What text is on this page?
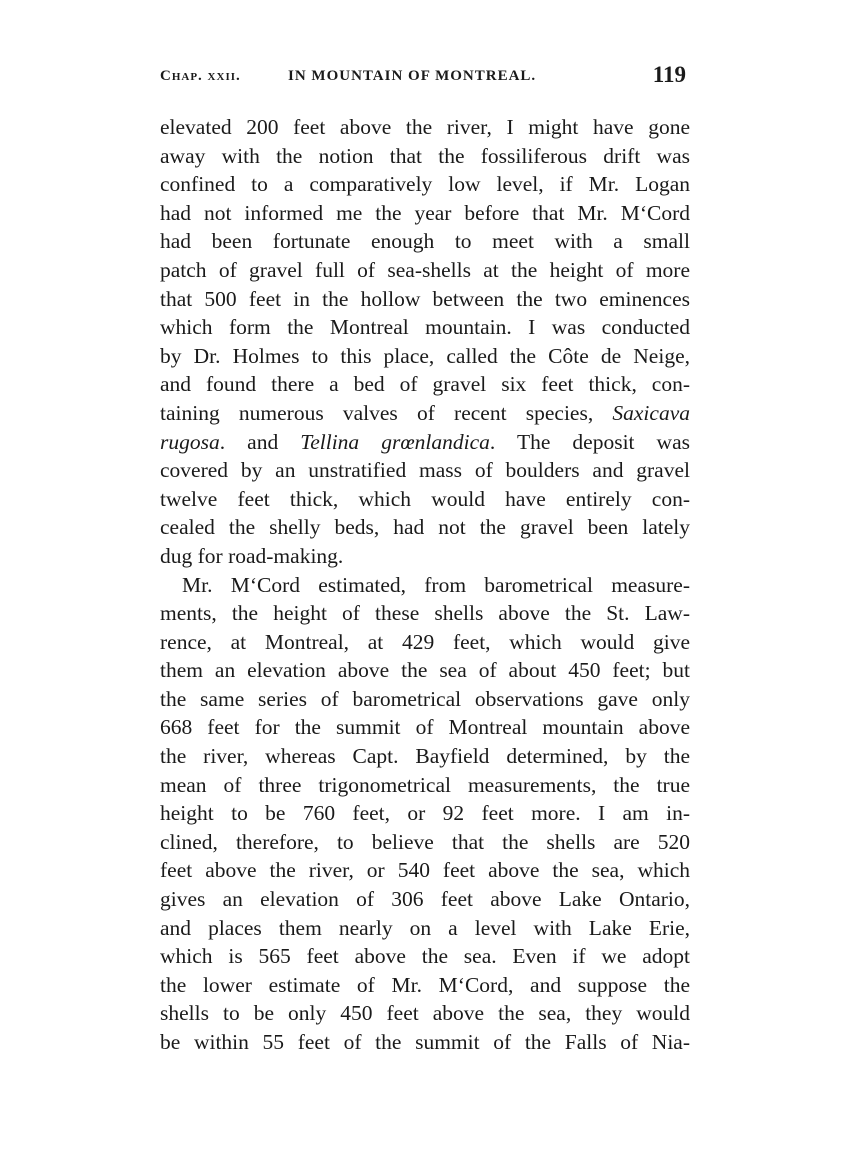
Chap. xxii.	IN MOUNTAIN OF MONTREAL.	119
elevated 200 feet above the river, I might have gone
away with the notion that the fossiliferous drift was
confined to a comparatively low level, if Mr. Logan
had not informed me the year before that Mr. M‘Cord
had been fortunate enough to meet with a small
patch of gravel full of sea-shells at the height of more
that 500 feet in the hollow between the two eminences
which form the Montreal mountain. I was conducted
by Dr. Holmes to this place, called the Côte de Neige,
and found there a bed of gravel six feet thick, con-
taining numerous valves of recent species, Saxicava
rugosa. and Tellina grœnlandica. The deposit was
covered by an unstratified mass of boulders and gravel
twelve feet thick, which would have entirely con-
cealed the shelly beds, had not the gravel been lately
dug for road-making.
Mr. M‘Cord estimated, from barometrical measure-
ments, the height of these shells above the St. Law-
rence, at Montreal, at 429 feet, which would give
them an elevation above the sea of about 450 feet; but
the same series of barometrical observations gave only
668 feet for the summit of Montreal mountain above
the river, whereas Capt. Bayfield determined, by the
mean of three trigonometrical measurements, the true
height to be 760 feet, or 92 feet more. I am in-
clined, therefore, to believe that the shells are 520
feet above the river, or 540 feet above the sea, which
gives an elevation of 306 feet above Lake Ontario,
and places them nearly on a level with Lake Erie,
which is 565 feet above the sea. Even if we adopt
the lower estimate of Mr. M‘Cord, and suppose the
shells to be only 450 feet above the sea, they would
be within 55 feet of the summit of the Falls of Nia-
